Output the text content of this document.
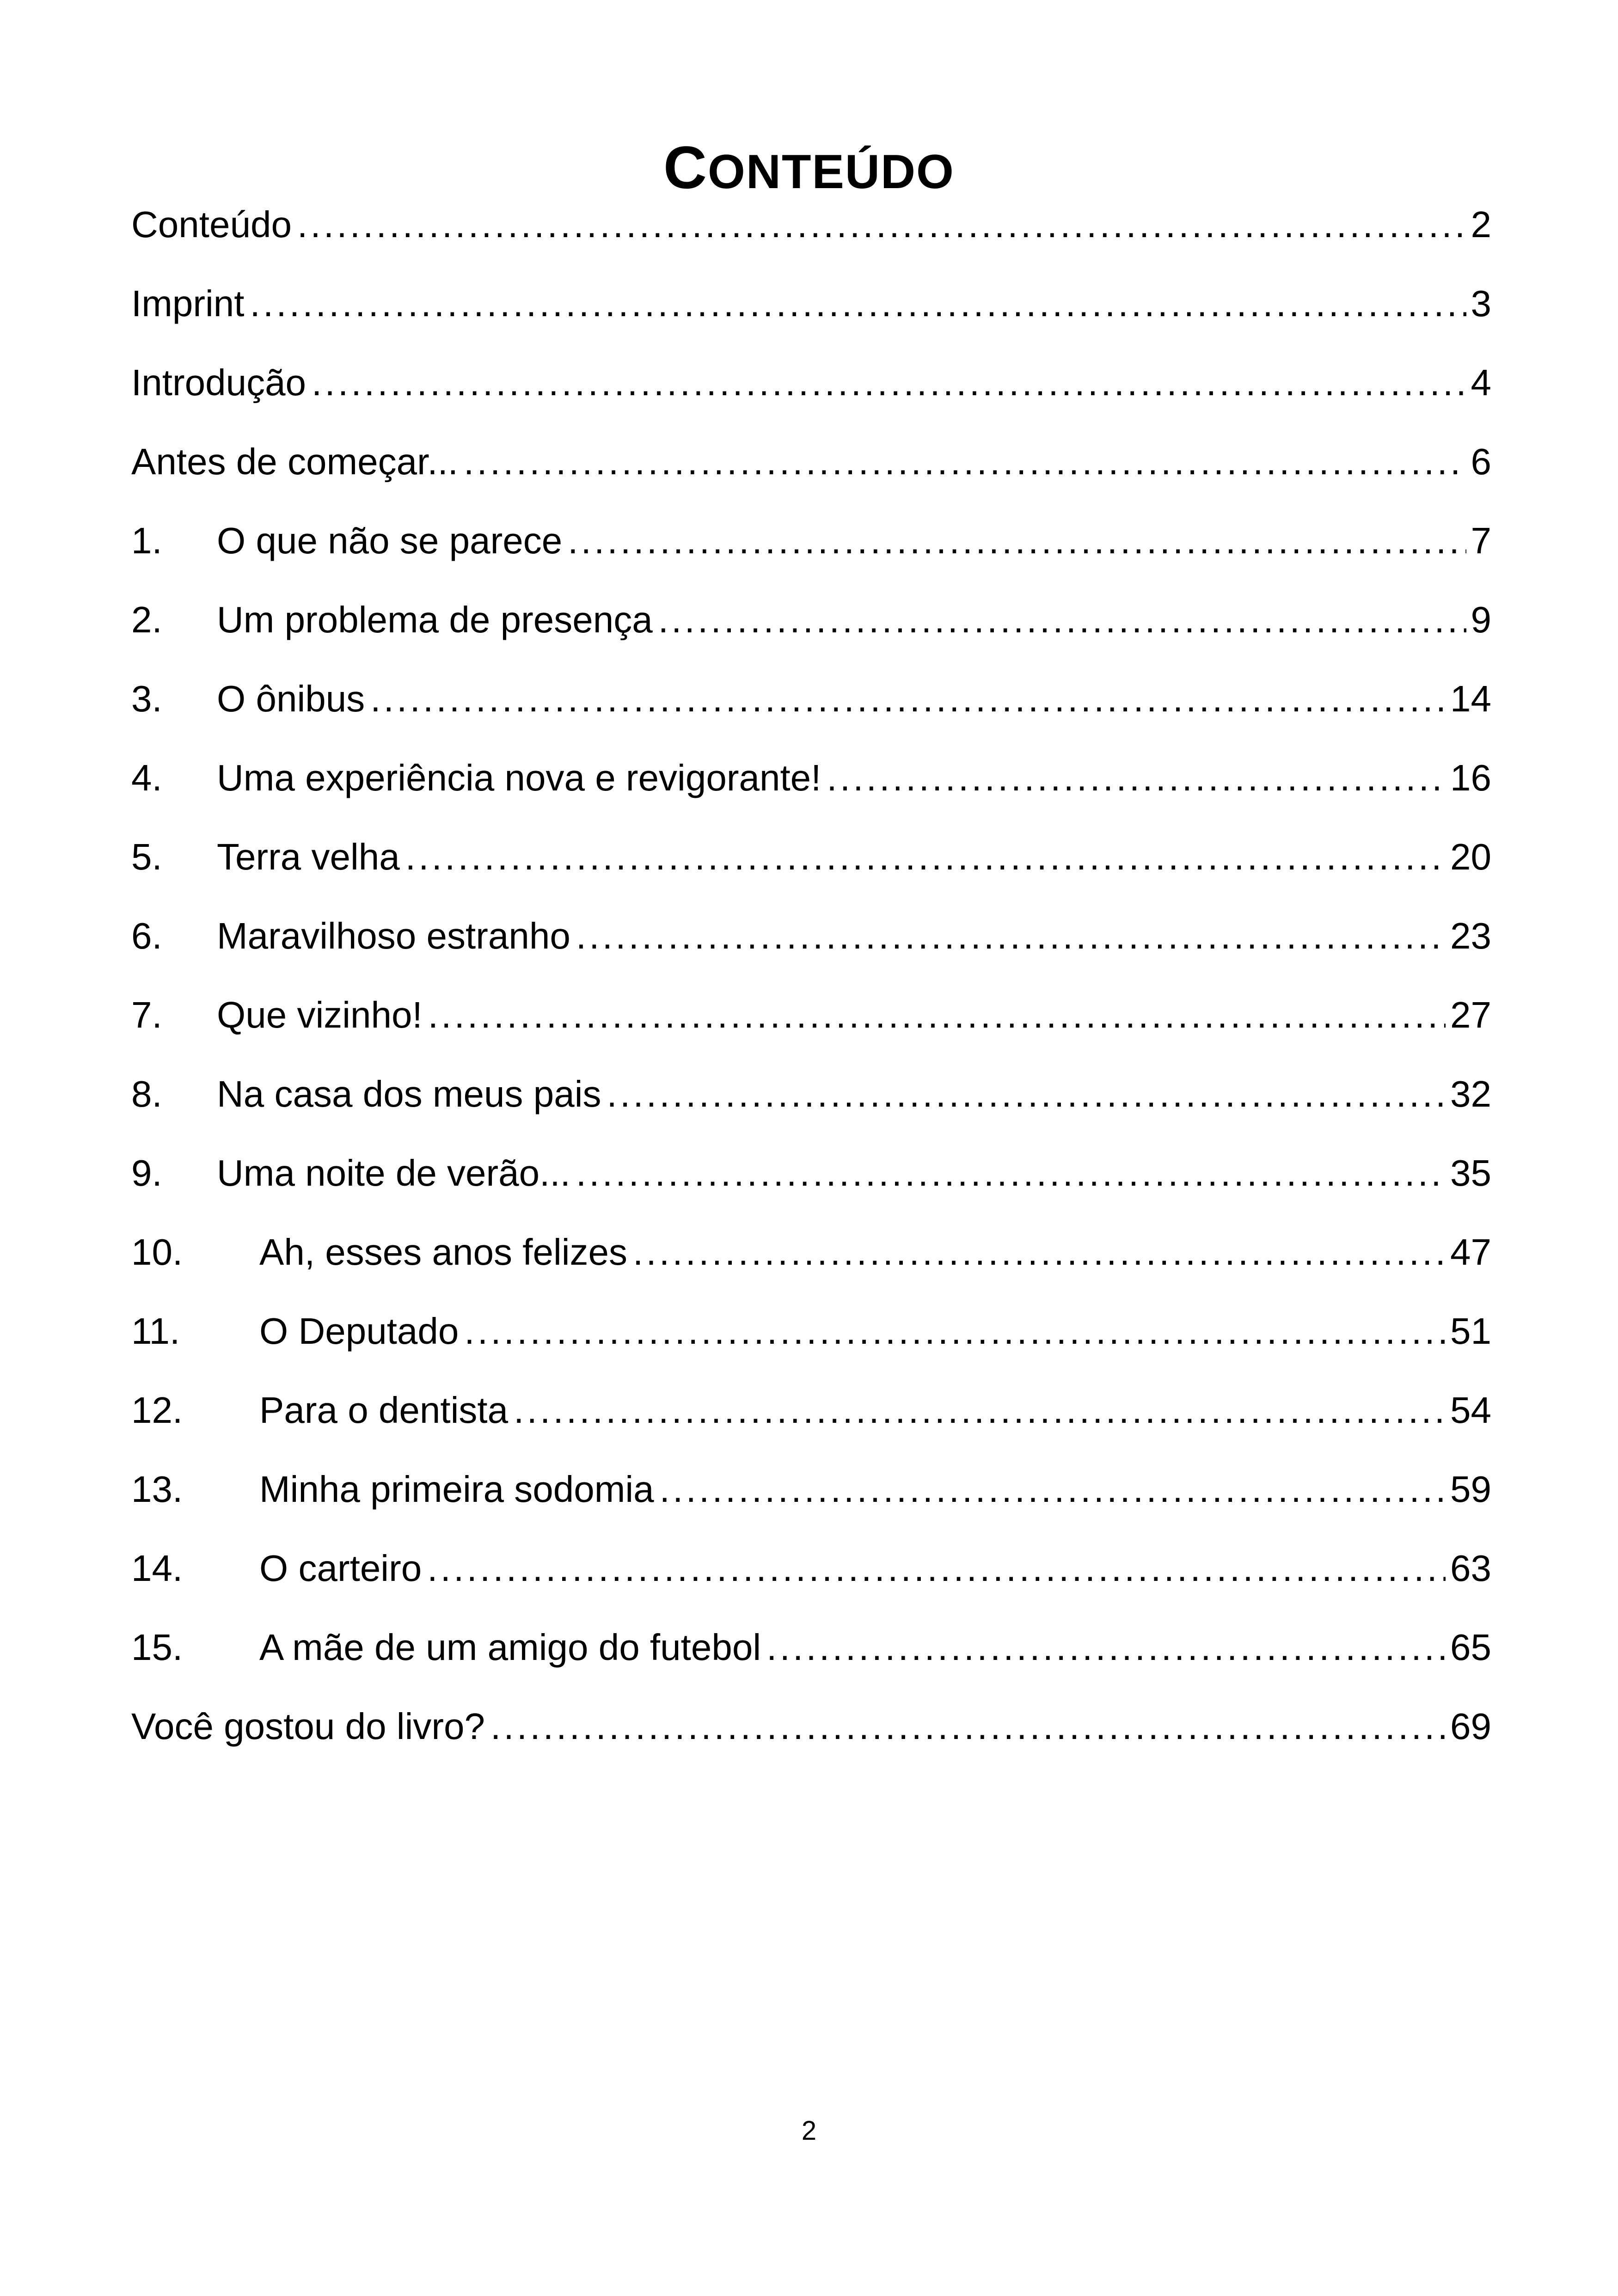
CONTEÚDO
Conteúdo . . .	2
Imprint . . .	3
Introdução . . .	4
Antes de começar... . . .	6
1.	O que não se parece . . .	7
2.	Um problema de presença . . .	9
3.	O ônibus . . .	14
4.	Uma experiência nova e revigorante! . . .	16
5.	Terra velha . . .	20
6.	Maravilhoso estranho . . .	23
7.	Que vizinho! . . .	27
8.	Na casa dos meus pais . . .	32
9.	Uma noite de verão... . . .	35
10.	Ah, esses anos felizes . . .	47
11.	O Deputado . . .	51
12.	Para o dentista . . .	54
13.	Minha primeira sodomia . . .	59
14.	O carteiro . . .	63
15.	A mãe de um amigo do futebol . . .	65
Você gostou do livro? . . .	69
2
